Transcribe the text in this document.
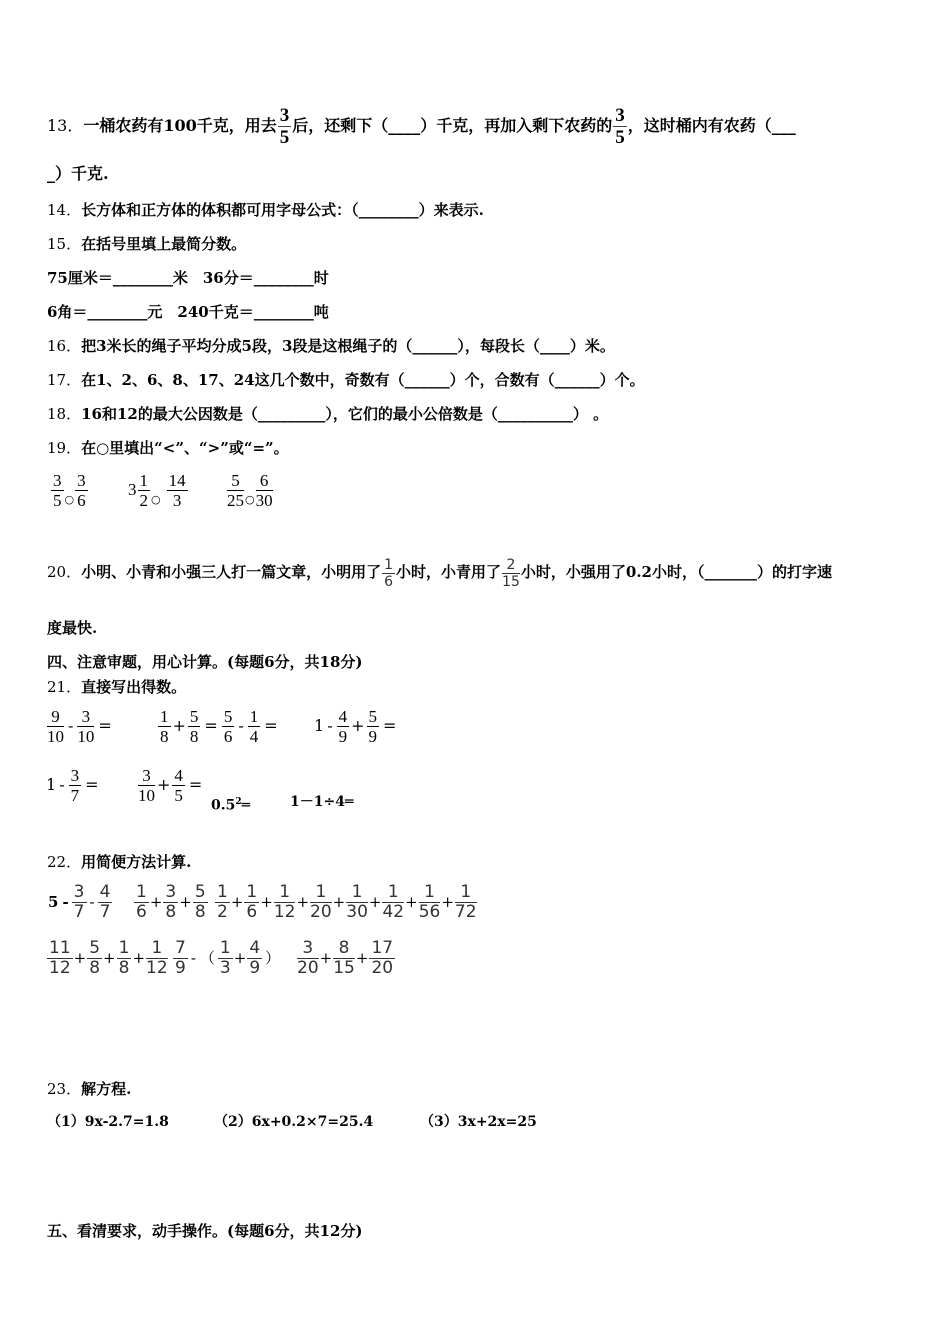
13．一桶农药有100千克，用去 $\frac{3}{5}$ 后，还剩下（____）千克，再加入剩下农药的 $\frac{3}{5}$ ，这时桶内有农药（___
_）千克.
14．长方体和正方体的体积都可用字母公式：（________）来表示.
15．在括号里填上最简分数。
75厘米＝________米　36分＝________时
6角＝________元　240千克＝________吨
16．把3米长的绳子平均分成5段，3段是这根绳子的（______），每段长（____）米。
17．在1、2、6、8、17、24这几个数中，奇数有（______）个，合数有（______）个。
18．16和12的最大公因数是（_________），它们的最小公倍数是（__________） 。
19．在○里填出“<”、“>”或“=”。
$\frac{3}{5} _○ \frac{3}{6} 3 \frac{1}{2} _○ \frac{14}{3} \frac{5}{25} _○ \frac{6}{30}$
20．小明、小青和小强三人打一篇文章，小明用了 $\frac{1}{6}$ 小时，小青用了 $\frac{2}{15}$ 小时，小强用了0.2小时，（_______）的打字速
度最快.
四、注意审题，用心计算。(每题6分，共18分)
21．直接写出得数。
$\frac{9}{10} - \frac{3}{10}$ =	$\frac{1}{8} + \frac{5}{8} = \frac{5}{6} - \frac{1}{4} = 1 - \frac{4}{9} + \frac{5}{9}$ =
$1 - \frac{3}{7} = \frac{3}{10} + \frac{4}{5}$ =
$0.5^2═$	1－1÷4═
22．用简便方法计算.
$5 - \frac{3}{7} - \frac{4}{7} \frac{1}{6} + \frac{3}{8} + \frac{5}{8} \frac{1}{2} + \frac{1}{6} + \frac{1}{12} + \frac{1}{20} + \frac{1}{30} + \frac{1}{42} + \frac{1}{56} + \frac{1}{72}$
$\frac{11}{12} + \frac{5}{8} + \frac{1}{8} + \frac{1}{12} \frac{7}{9}$ - （ $\frac{1}{3} + \frac{4}{9}$ ） $\frac{3}{20} + \frac{8}{15} + \frac{17}{20}$
23．解方程.
（1）9x-2.7=1.8	（2）6x+0.2×7=25.4	（3）3x+2x=25
五、看清要求，动手操作。(每题6分，共12分)
